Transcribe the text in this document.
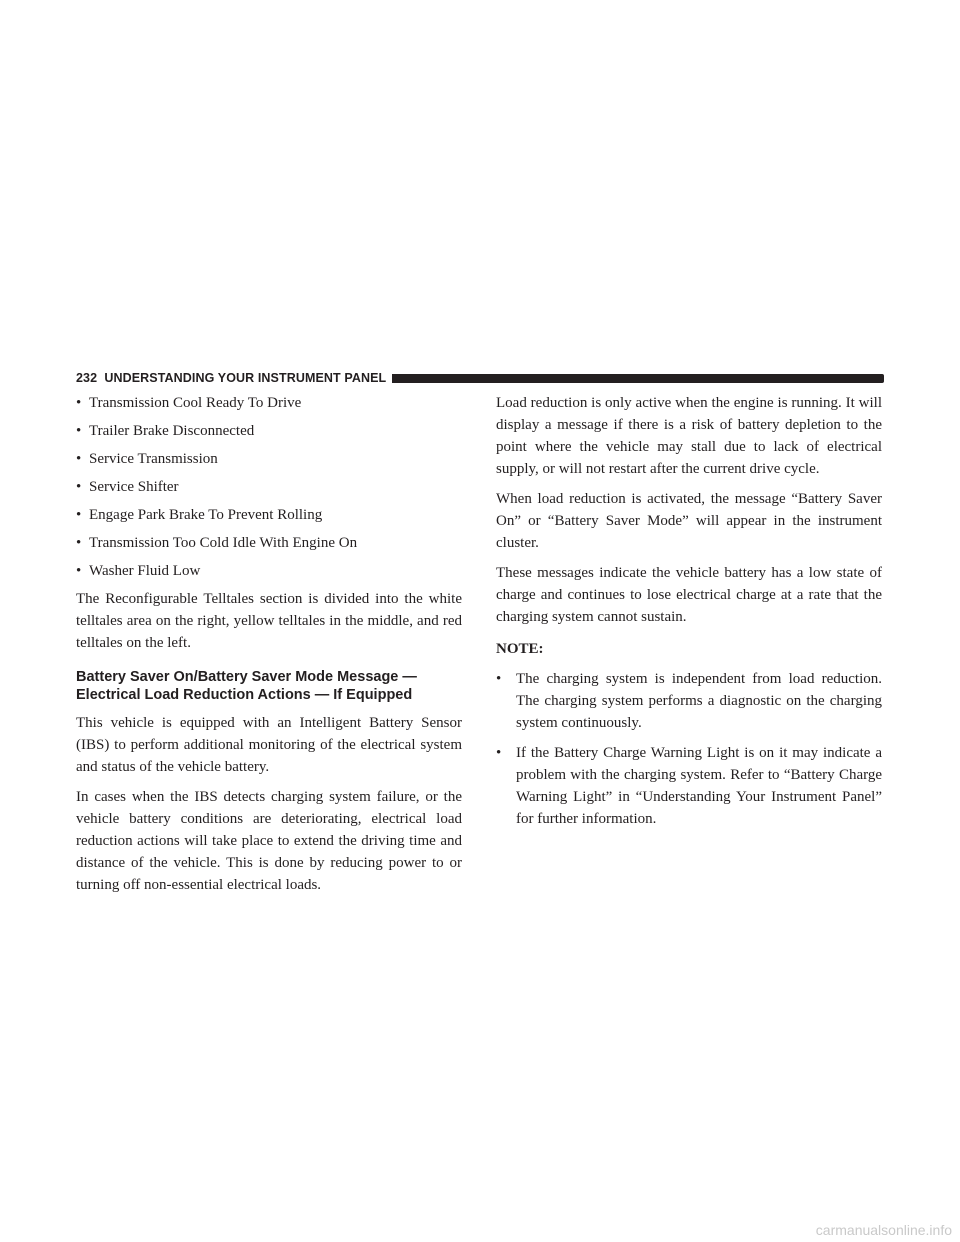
232
UNDERSTANDING YOUR INSTRUMENT PANEL
• Transmission Cool Ready To Drive
• Trailer Brake Disconnected
• Service Transmission
• Service Shifter
• Engage Park Brake To Prevent Rolling
• Transmission Too Cold Idle With Engine On
• Washer Fluid Low

The Reconfigurable Telltales section is divided into the white telltales area on the right, yellow telltales in the middle, and red telltales on the left.

Battery Saver On/Battery Saver Mode Message —
Electrical Load Reduction Actions — If Equipped

This vehicle is equipped with an Intelligent Battery Sensor (IBS) to perform additional monitoring of the electrical system and status of the vehicle battery.

In cases when the IBS detects charging system failure, or the vehicle battery conditions are deteriorating, electrical load reduction actions will take place to extend the driving time and distance of the vehicle. This is done by reducing power to or turning off non-essential electrical loads.

Load reduction is only active when the engine is running. It will display a message if there is a risk of battery depletion to the point where the vehicle may stall due to lack of electrical supply, or will not restart after the current drive cycle.

When load reduction is activated, the message “Battery Saver On” or “Battery Saver Mode” will appear in the instrument cluster.

These messages indicate the vehicle battery has a low state of charge and continues to lose electrical charge at a rate that the charging system cannot sustain.

NOTE:
• The charging system is independent from load reduction. The charging system performs a diagnostic on the charging system continuously.
• If the Battery Charge Warning Light is on it may indicate a problem with the charging system. Refer to “Battery Charge Warning Light” in “Understanding Your Instrument Panel” for further information.
carmanualsonline.info
